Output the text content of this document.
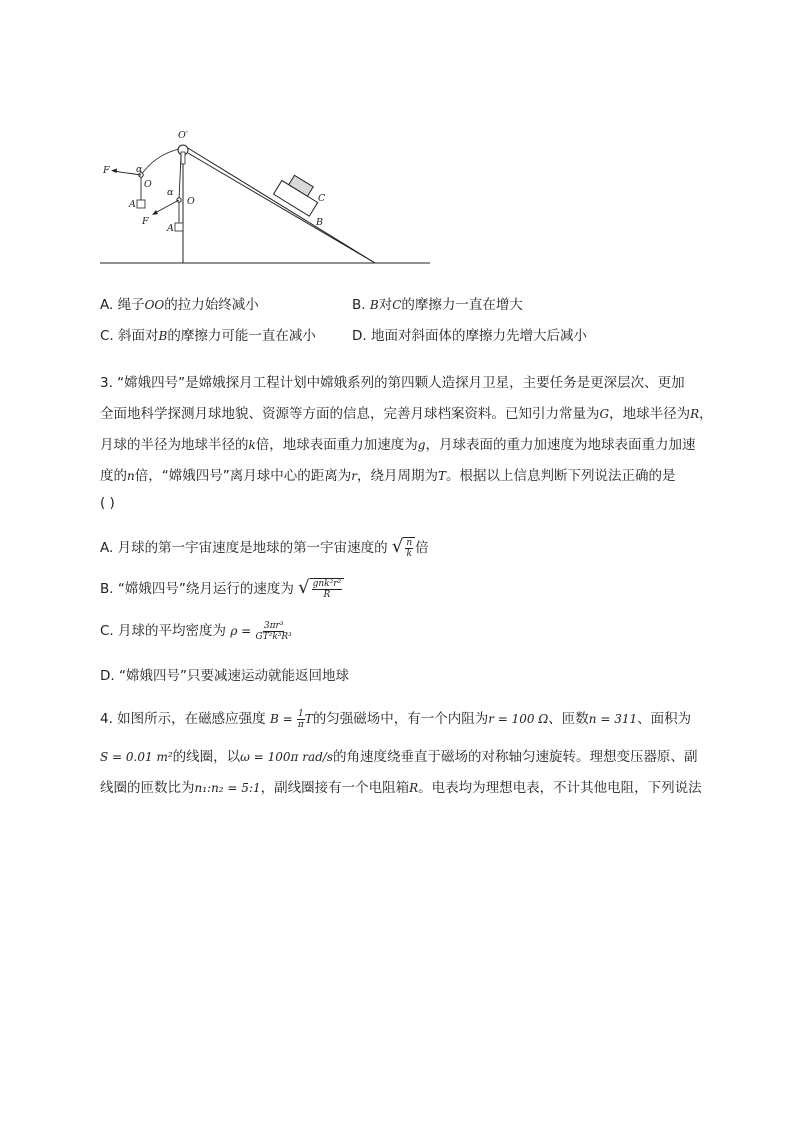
O′
O
O
A
A
F
F
α
α
B
C
A. 绳子OO的拉力始终减小	B. B对C的摩擦力一直在增大
C. 斜面对B的摩擦力可能一直在减小	D. 地面对斜面体的摩擦力先增大后减小
3. “嫦娥四号”是嫦娥探月工程计划中嫦娥系列的第四颗人造探月卫星，主要任务是更深层次、更加
全面地科学探测月球地貌、资源等方面的信息，完善月球档案资料。已知引力常量为G，地球半径为R，
月球的半径为地球半径的k倍，地球表面重力加速度为g，月球表面的重力加速度为地球表面重力加速
度的n倍，“嫦娥四号”离月球中心的距离为r，绕月周期为T。根据以上信息判断下列说法正确的是
( )
A. 月球的第一宇宙速度是地球的第一宇宙速度的 √ $\frac{n}{k}$ 倍
B. “嫦娥四号”绕月运行的速度为 √ $\frac{\text{gnk²r²}}{R}$
C. 月球的平均密度为 $\rho = \frac{\text{3πr³}}{\text{GT²k³R³}}$
D. “嫦娥四号”只要减速运动就能返回地球
4. 如图所示，在磁感应强度 $B = \frac{1}{\pi}$ T的匀强磁场中，有一个内阻为r = 100 Ω、匝数n = 311、面积为
S = 0.01 m²的线圈，以ω = 100π rad/s的角速度绕垂直于磁场的对称轴匀速旋转。理想变压器原、副
线圈的匝数比为n₁:n₂ = 5:1，副线圈接有一个电阻箱R。电表均为理想电表，不计其他电阻，下列说法
